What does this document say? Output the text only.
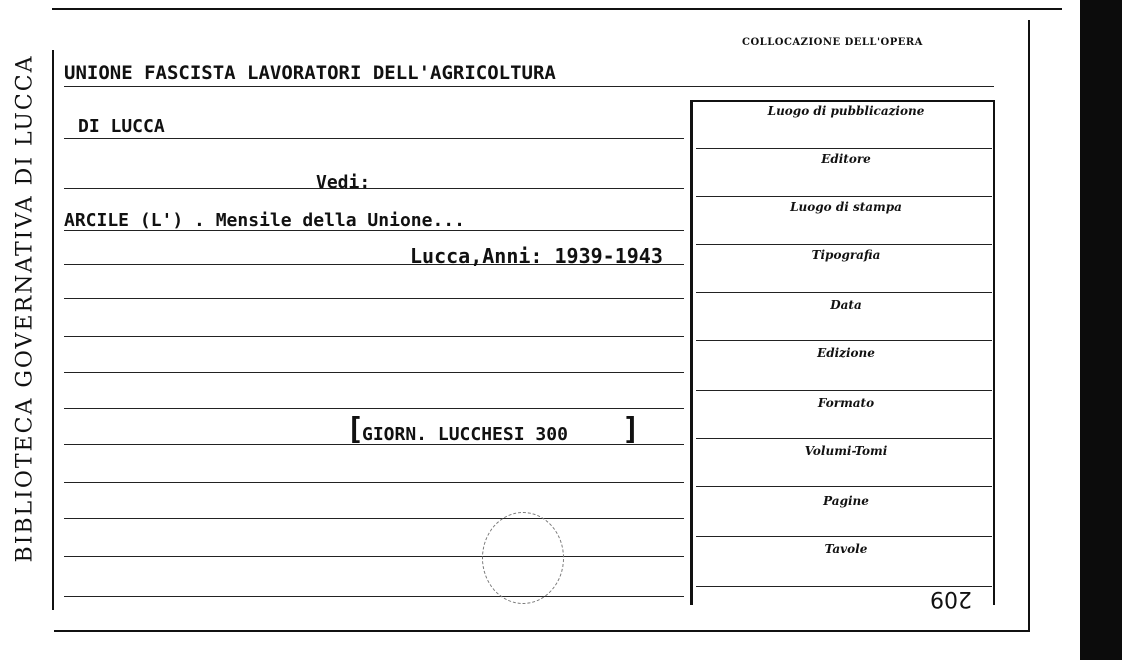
BIBLIOTECA GOVERNATIVA DI LUCCA
COLLOCAZIONE DELL'OPERA
Luogo di pubblicazione
Editore
Luogo di stampa
Tipografia
Data
Edizione
Formato
Volumi-Tomi
Pagine
Tavole
UNIONE FASCISTA LAVORATORI DELL'AGRICOLTURA
DI LUCCA
Vedi:
ARCILE (L') . Mensile della Unione...
Lucca,Anni: 1939-1943
[
GIORN. LUCCHESI 300 ]
209
